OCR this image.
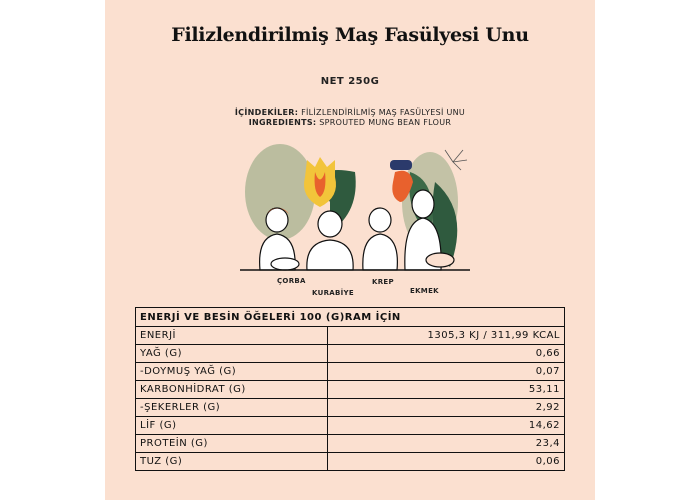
Filizlendirilmiş Maş Fasülyesi Unu
NET 250G
İÇİNDEKİLER: FİLİZLENDİRİLMİŞ MAŞ FASÜLYESİ UNU
INGREDIENTS: SPROUTED MUNG BEAN FLOUR
ÇORBA
KURABİYE
KREP
EKMEK
ENERJİ VE BESİN ÖĞELERİ 100 (G)RAM İÇİN	
ENERJİ	1305,3 KJ / 311,99 KCAL
YAĞ (G)	0,66
-DOYMUŞ YAĞ (G)	0,07
KARBONHİDRAT (G)	53,11
-ŞEKERLER (G)	2,92
LİF (G)	14,62
PROTEİN (G)	23,4
TUZ (G)	0,06
